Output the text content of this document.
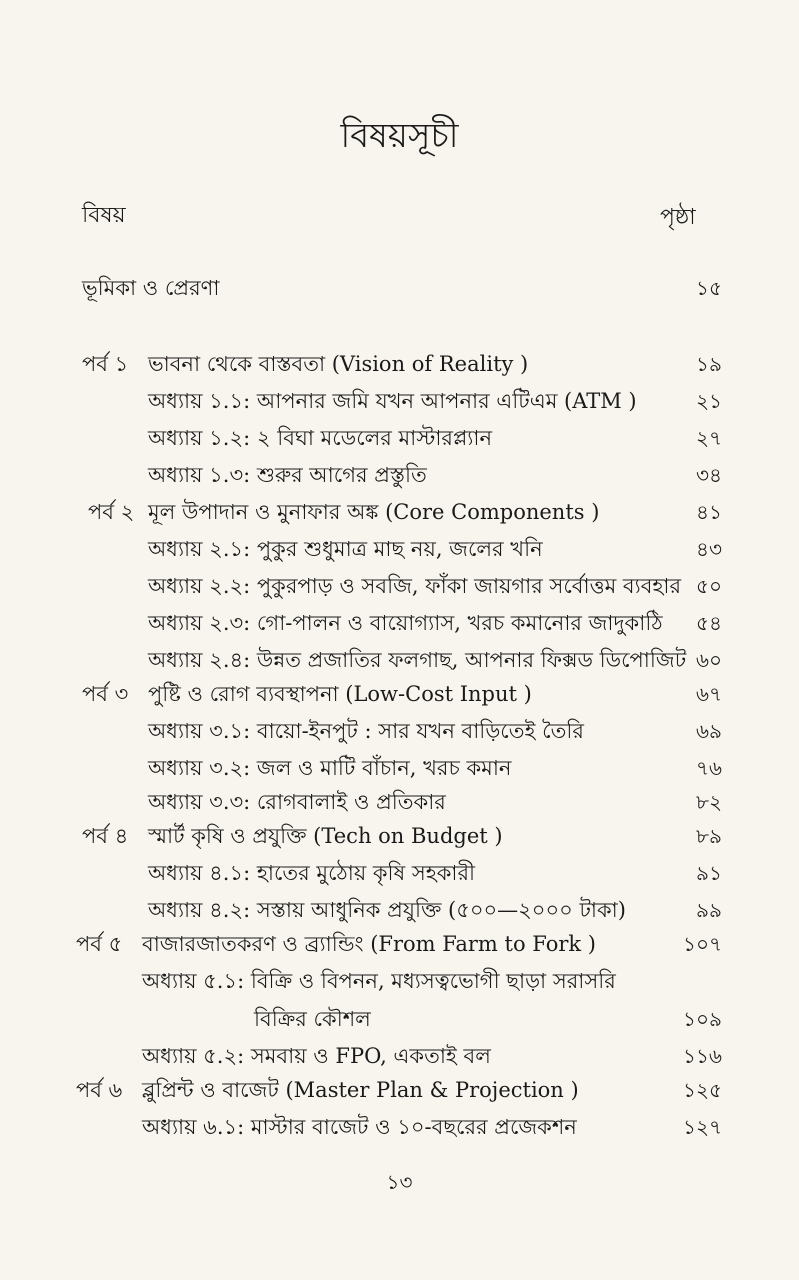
বিষয়সূচী
বিষয়	পৃষ্ঠা
ভূমিকা ও প্রেরণা	১৫
পর্ব ১ ভাবনা থেকে বাস্তবতা (Vision of Reality )	১৯
অধ্যায় ১.১: আপনার জমি যখন আপনার এটিএম (ATM )	২১
অধ্যায় ১.২: ২ বিঘা মডেলের মাস্টারপ্ল্যান	২৭
অধ্যায় ১.৩: শুরুর আগের প্রস্তুতি	৩৪
পর্ব ২ মূল উপাদান ও মুনাফার অঙ্ক (Core Components )	৪১
অধ্যায় ২.১: পুকুর শুধুমাত্র মাছ নয়, জলের খনি	৪৩
অধ্যায় ২.২: পুকুরপাড় ও সবজি, ফাঁকা জায়গার সর্বোত্তম ব্যবহার ৫০
অধ্যায় ২.৩: গো-পালন ও বায়োগ্যাস, খরচ কমানোর জাদুকাঠি	৫৪
অধ্যায় ২.৪: উন্নত প্রজাতির ফলগাছ, আপনার ফিক্সড ডিপোজিট ৬০
পর্ব ৩ পুষ্টি ও রোগ ব্যবস্থাপনা (Low-Cost Input )	৬৭
অধ্যায় ৩.১: বায়ো-ইনপুট : সার যখন বাড়িতেই তৈরি	৬৯
অধ্যায় ৩.২: জল ও মাটি বাঁচান, খরচ কমান	৭৬
অধ্যায় ৩.৩: রোগবালাই ও প্রতিকার	৮২
পর্ব ৪ স্মার্ট কৃষি ও প্রযুক্তি (Tech on Budget )	৮৯
অধ্যায় ৪.১: হাতের মুঠোয় কৃষি সহকারী	৯১
অধ্যায় ৪.২: সস্তায় আধুনিক প্রযুক্তি (৫০০—২০০০ টাকা)	৯৯
পর্ব ৫ বাজারজাতকরণ ও ব্র্যান্ডিং (From Farm to Fork )	১০৭
অধ্যায় ৫.১: বিক্রি ও বিপনন, মধ্যসত্বভোগী ছাড়া সরাসরি
বিক্রির কৌশল	১০৯
অধ্যায় ৫.২: সমবায় ও FPO, একতাই বল	১১৬
পর্ব ৬ ব্লুপ্রিন্ট ও বাজেট (Master Plan & Projection )	১২৫
অধ্যায় ৬.১: মাস্টার বাজেট ও ১০-বছরের প্রজেকশন	১২৭
১৩
